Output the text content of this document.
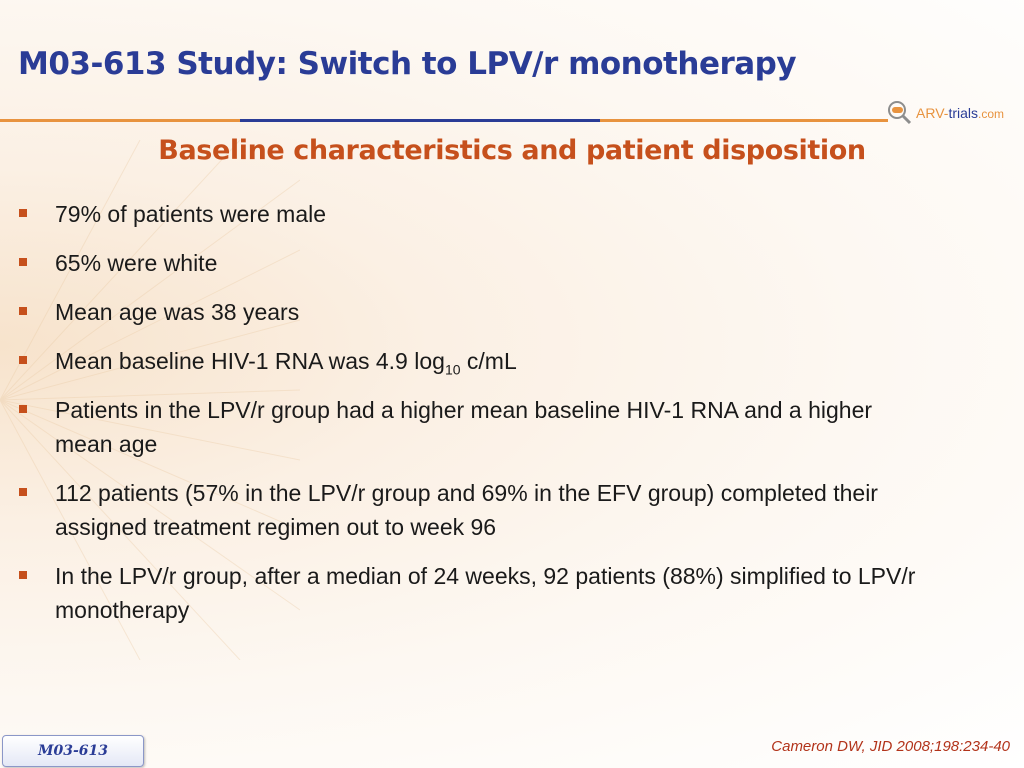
M03-613 Study: Switch to LPV/r monotherapy
ARV-trials.com
Baseline characteristics and patient disposition
79% of patients were male
65% were white
Mean age was 38 years
Mean baseline HIV-1 RNA was 4.9 $\log_{10} c/mL$
Patients in the LPV/r group had a higher mean baseline HIV-1 RNA and a higher mean age
112 patients (57% in the LPV/r group and 69% in the EFV group) completed their assigned treatment regimen out to week 96
In the LPV/r group, after a median of 24 weeks, 92 patients (88%) simplified to LPV/r monotherapy
Cameron DW, JID 2008;198:234-40
M03-613
